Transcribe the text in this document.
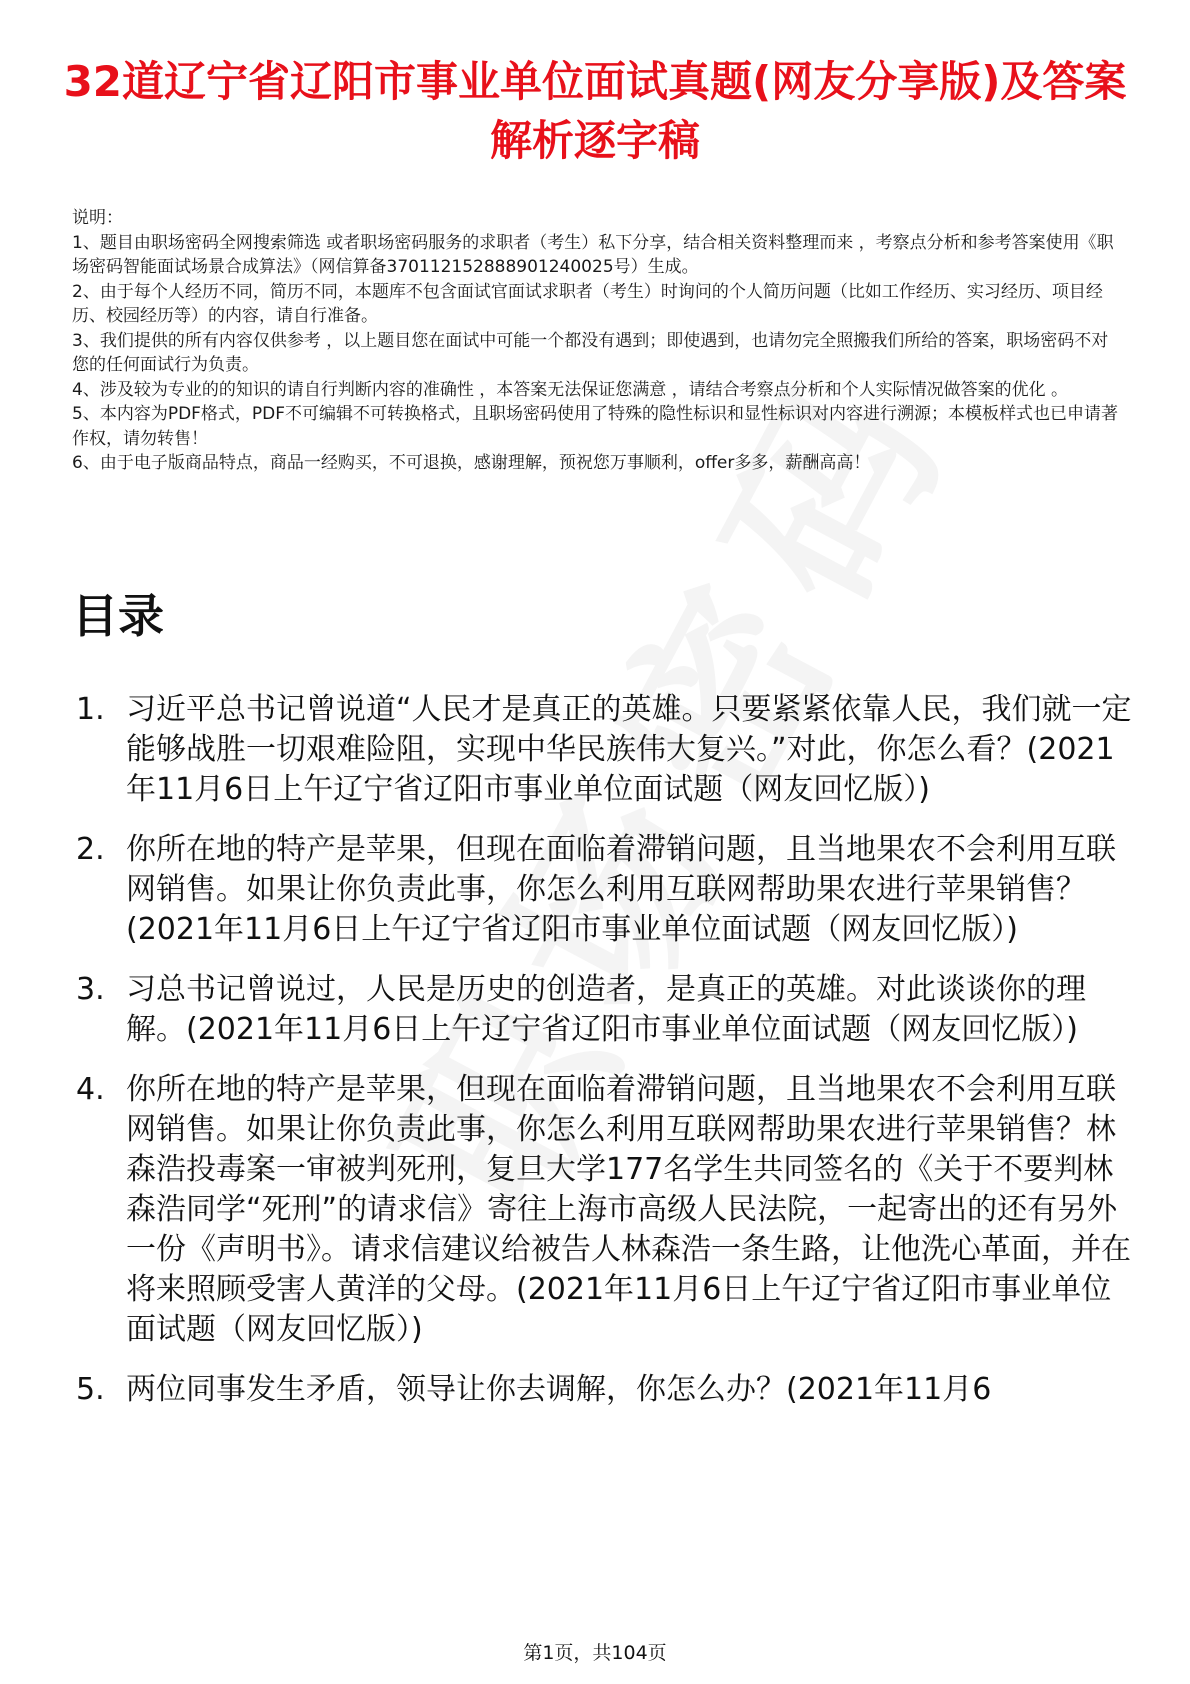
32道辽宁省辽阳市事业单位面试真题(网友分享版)及答案解析逐字稿

说明：

1、题目由职场密码全网搜索筛选 或者职场密码服务的求职者（考生）私下分享，结合相关资料整理而来 ，考察点分析和参考答案使用《职场密码智能面试场景合成算法》（网信算备370112152888901240025号）生成。

2、由于每个人经历不同，简历不同，本题库不包含面试官面试求职者（考生）时询问的个人简历问题（比如工作经历、实习经历、项目经历、校园经历等）的内容，请自行准备。

3、我们提供的所有内容仅供参考 ，以上题目您在面试中可能一个都没有遇到；即使遇到，也请勿完全照搬我们所给的答案，职场密码不对您的任何面试行为负责。

4、涉及较为专业的的知识的请自行判断内容的准确性 ，本答案无法保证您满意 ，请结合考察点分析和个人实际情况做答案的优化 。

5、本内容为PDF格式，PDF不可编辑不可转换格式，且职场密码使用了特殊的隐性标识和显性标识对内容进行溯源；本模板样式也已申请著作权，请勿转售！

6、由于电子版商品特点，商品一经购买，不可退换，感谢理解，预祝您万事顺利，offer多多，薪酬高高！

目录
1. 习近平总书记曾说道“人民才是真正的英雄。只要紧紧依靠人民，我们就一定能够战胜一切艰难险阻，实现中华民族伟大复兴。”对此，你怎么看？(2021年11月6日上午辽宁省辽阳市事业单位面试题（网友回忆版）)
2. 你所在地的特产是苹果，但现在面临着滞销问题，且当地果农不会利用互联网销售。如果让你负责此事，你怎么利用互联网帮助果农进行苹果销售？(2021年11月6日上午辽宁省辽阳市事业单位面试题（网友回忆版）)
3. 习总书记曾说过，人民是历史的创造者，是真正的英雄。对此谈谈你的理解。(2021年11月6日上午辽宁省辽阳市事业单位面试题（网友回忆版）)
4. 你所在地的特产是苹果，但现在面临着滞销问题，且当地果农不会利用互联网销售。如果让你负责此事，你怎么利用互联网帮助果农进行苹果销售？林森浩投毒案一审被判死刑，复旦大学177名学生共同签名的《关于不要判林森浩同学“死刑”的请求信》寄往上海市高级人民法院，一起寄出的还有另外一份《声明书》。请求信建议给被告人林森浩一条生路，让他洗心革面，并在将来照顾受害人黄洋的父母。(2021年11月6日上午辽宁省辽阳市事业单位面试题（网友回忆版）)
5. 两位同事发生矛盾，领导让你去调解，你怎么办？(2021年11月6
第1页，共104页
